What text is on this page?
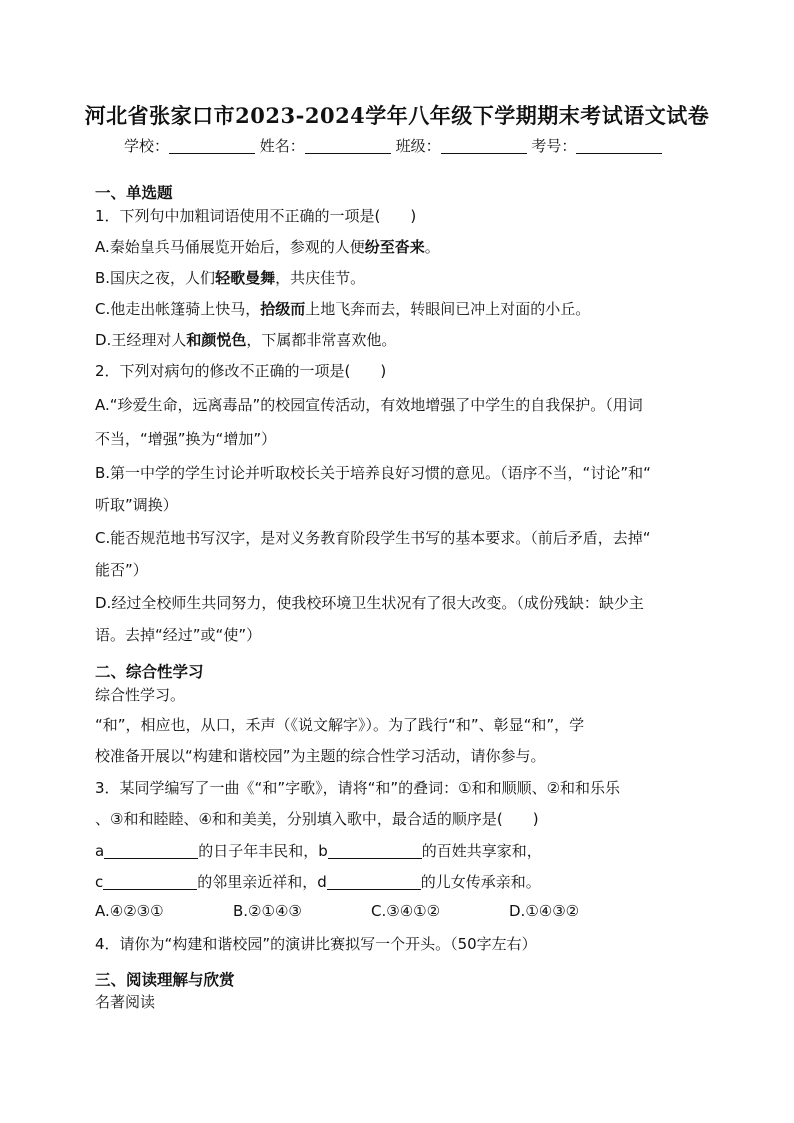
河北省张家口市2023-2024学年八年级下学期期末考试语文试卷
学校：	姓名：	班级：	考号：
一、单选题
1．下列句中加粗词语使用不正确的一项是(　　)
A.秦始皇兵马俑展览开始后，参观的人便纷至沓来。
B.国庆之夜，人们轻歌曼舞，共庆佳节。
C.他走出帐篷骑上快马，拾级而上地飞奔而去，转眼间已冲上对面的小丘。
D.王经理对人和颜悦色，下属都非常喜欢他。
2．下列对病句的修改不正确的一项是(　　)
A.“珍爱生命，远离毒品”的校园宣传活动，有效地增强了中学生的自我保护。（用词
不当，“增强”换为“增加”）
B.第一中学的学生讨论并听取校长关于培养良好习惯的意见。（语序不当，“讨论”和“
听取”调换）
C.能否规范地书写汉字，是对义务教育阶段学生书写的基本要求。（前后矛盾，去掉“
能否”）
D.经过全校师生共同努力，使我校环境卫生状况有了很大改变。（成份残缺：缺少主
语。去掉“经过”或“使”）
二、综合性学习
综合性学习。
“和”，相应也，从口，禾声（《说文解字》）。为了践行“和”、彰显“和”，学
校准备开展以“构建和谐校园”为主题的综合性学习活动，请你参与。
3．某同学编写了一曲《“和”字歌》，请将“和”的叠词：①和和顺顺、②和和乐乐
、③和和睦睦、④和和美美，分别填入歌中，最合适的顺序是(　　)
a	的日子年丰民和，b	的百姓共享家和，
c	的邻里亲近祥和，d	的儿女传承亲和。
A.④②③①	B.②①④③	C.③④①②	D.①④③②
4．请你为“构建和谐校园”的演讲比赛拟写一个开头。（50字左右）
三、阅读理解与欣赏
名著阅读
